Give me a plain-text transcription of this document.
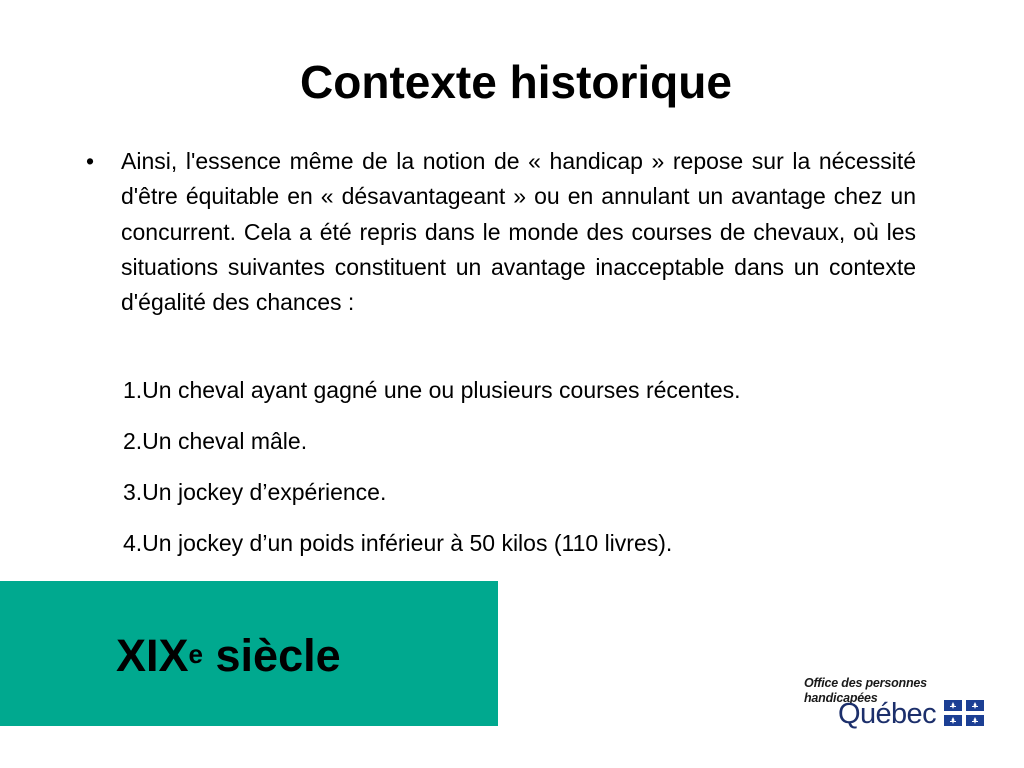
Contexte historique
• Ainsi, l'essence même de la notion de « handicap » repose sur la nécessité d'être équitable en « désavantageant » ou en annulant un avantage chez un concurrent. Cela a été repris dans le monde des courses de chevaux, où les situations suivantes constituent un avantage inacceptable dans un contexte d'égalité des chances :

1.Un cheval ayant gagné une ou plusieurs courses récentes.
2.Un cheval mâle.
3.Un jockey d’expérience.
4.Un jockey d’un poids inférieur à 50 kilos (110 livres).
XIXe siècle
Office des personnes
handicapées
Québec
